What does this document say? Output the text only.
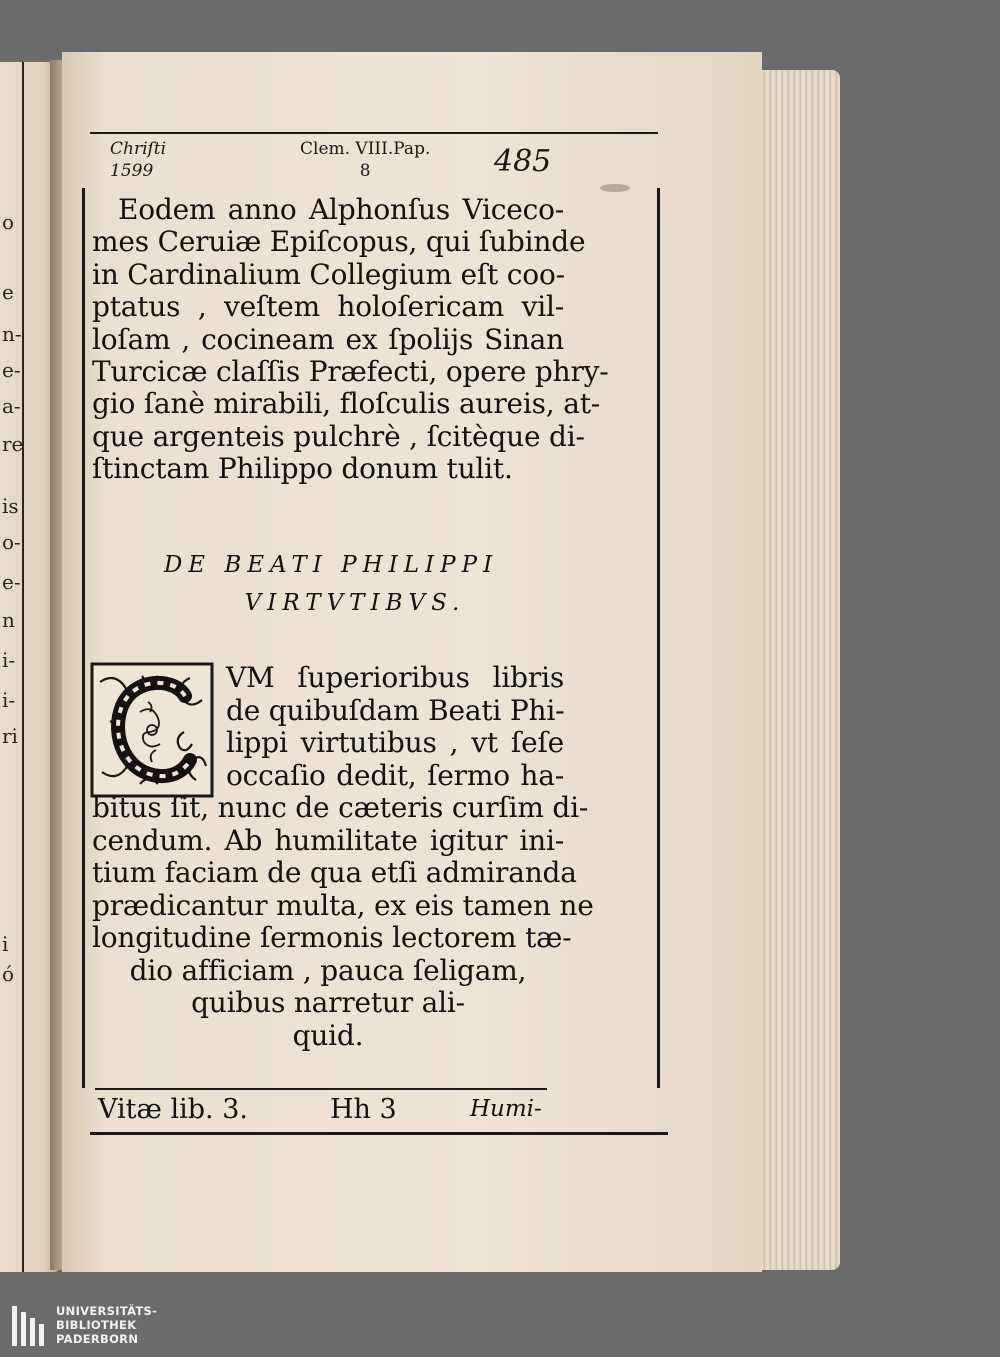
o
e
n-
e-
a-
re
is
o-
e-
n
i-
i-
ri
i
ó
Chriſti
1599
Clem. VIII.Pap.
8	485
Eodem anno Alphonſus Viceco-
mes Ceruiæ Epiſcopus, qui ſubinde
in Cardinalium Collegium eſt coo-
ptatus , veſtem holoſericam vil-
loſam , cocineam ex ſpolijs Sinan
Turcicæ claſſis Præfecti, opere phry-
gio ſanè mirabili, floſculis aureis, at-
que argenteis pulchrè , ſcitèque di-
ſtinctam Philippo donum tulit.
DE BEATI PHILIPPI
VIRTVTIBVS.
VM ſuperioribus libris
de quibuſdam Beati Phi-
lippi virtutibus , vt ſeſe
occaſio dedit, ſermo ha-
bitus ſit, nunc de cæteris curſim di-
cendum. Ab humilitate igitur ini-
tium faciam de qua etſi admiranda
prædicantur multa, ex eis tamen ne
longitudine ſermonis lectorem tæ-
dio afficiam , pauca ſeligam,
quibus narretur ali-
quid.
Vitæ lib. 3.	Hh 3	Humi-
UNIVERSITÄTS-
BIBLIOTHEK
PADERBORN
